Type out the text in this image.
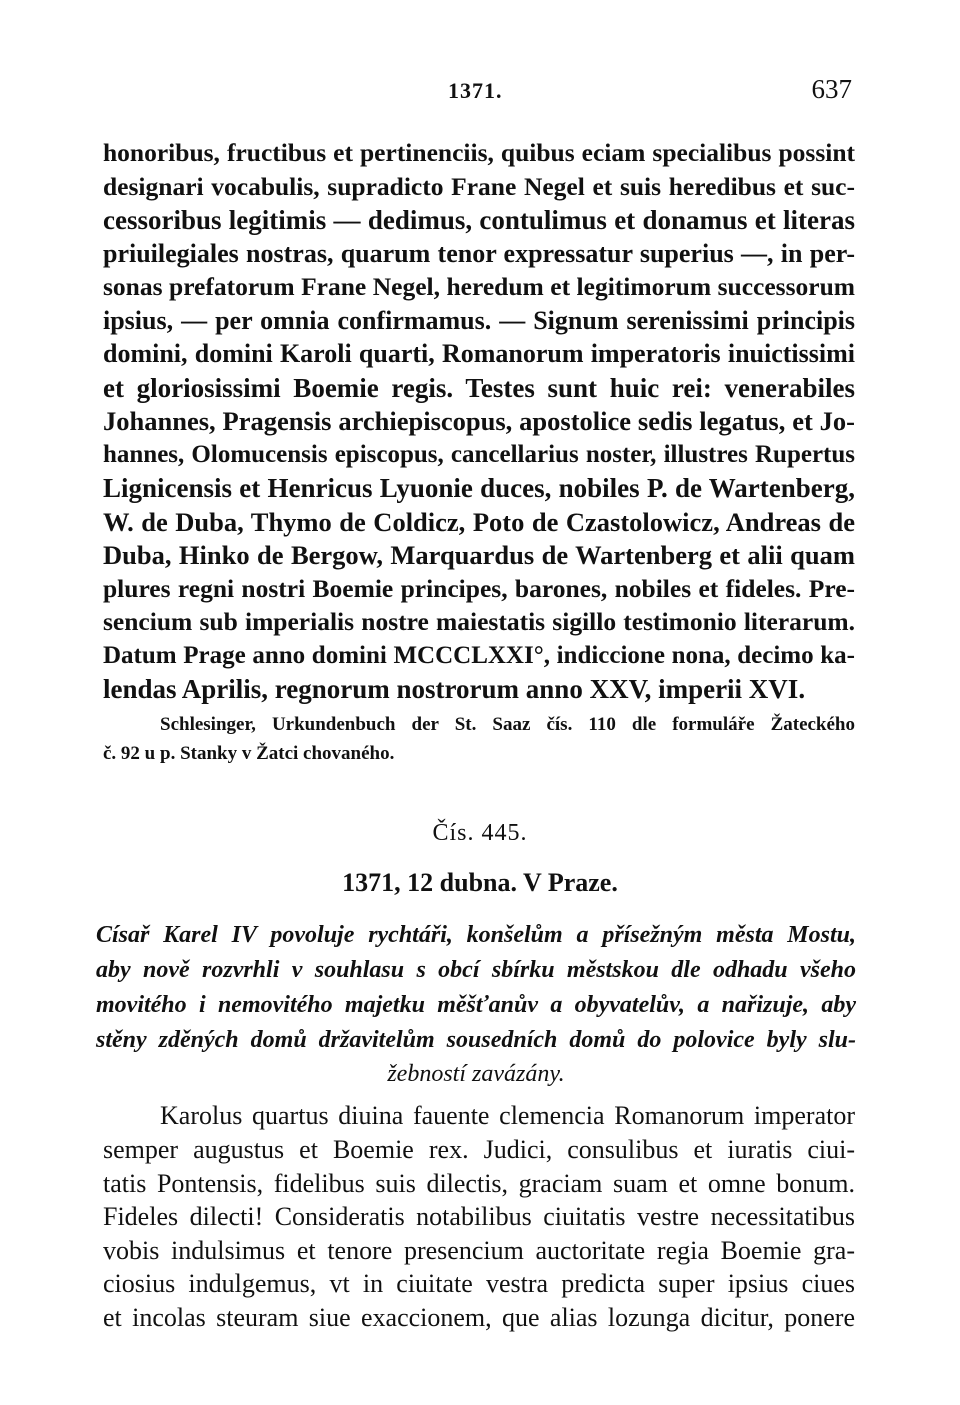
1371.	637
honoribus, fructibus et pertinenciis, quibus eciam specialibus possint
designari vocabulis, supradicto Frane Negel et suis heredibus et suc-
cessoribus legitimis — dedimus, contulimus et donamus et literas
priuilegiales nostras, quarum tenor expressatur superius —, in per-
sonas prefatorum Frane Negel, heredum et legitimorum successorum
ipsius, — per omnia confirmamus. — Signum serenissimi principis
domini, domini Karoli quarti, Romanorum imperatoris inuictissimi
et gloriosissimi Boemie regis. Testes sunt huic rei: venerabiles
Johannes, Pragensis archiepiscopus, apostolice sedis legatus, et Jo-
hannes, Olomucensis episcopus, cancellarius noster, illustres Rupertus
Lignicensis et Henricus Lyuonie duces, nobiles P. de Wartenberg,
W. de Duba, Thymo de Coldicz, Poto de Czastolowicz, Andreas de
Duba, Hinko de Bergow, Marquardus de Wartenberg et alii quam
plures regni nostri Boemie principes, barones, nobiles et fideles. Pre-
sencium sub imperialis nostre maiestatis sigillo testimonio literarum.
Datum Prage anno domini MCCCLXXI°, indiccione nona, decimo ka-
lendas Aprilis, regnorum nostrorum anno XXV, imperii XVI.
Schlesinger, Urkundenbuch der St. Saaz čís. 110 dle formuláře Žateckého
č. 92 u p. Stanky v Žatci chovaného.
Čís. 445.
1371, 12 dubna. V Praze.
Císař Karel IV povoluje rychtáři, konšelům a přísežným města Mostu,
aby nově rozvrhli v souhlasu s obcí sbírku městskou dle odhadu všeho
movitého i nemovitého majetku měšťanův a obyvatelův, a nařizuje, aby
stěny zděných domů državitelům sousedních domů do polovice byly slu-
žebností zavázány.
Karolus quartus diuina fauente clemencia Romanorum imperator
semper augustus et Boemie rex. Judici, consulibus et iuratis ciui-
tatis Pontensis, fidelibus suis dilectis, graciam suam et omne bonum.
Fideles dilecti! Consideratis notabilibus ciuitatis vestre necessitatibus
vobis indulsimus et tenore presencium auctoritate regia Boemie gra-
ciosius indulgemus, vt in ciuitate vestra predicta super ipsius ciues
et incolas steuram siue exaccionem, que alias lozunga dicitur, ponere
